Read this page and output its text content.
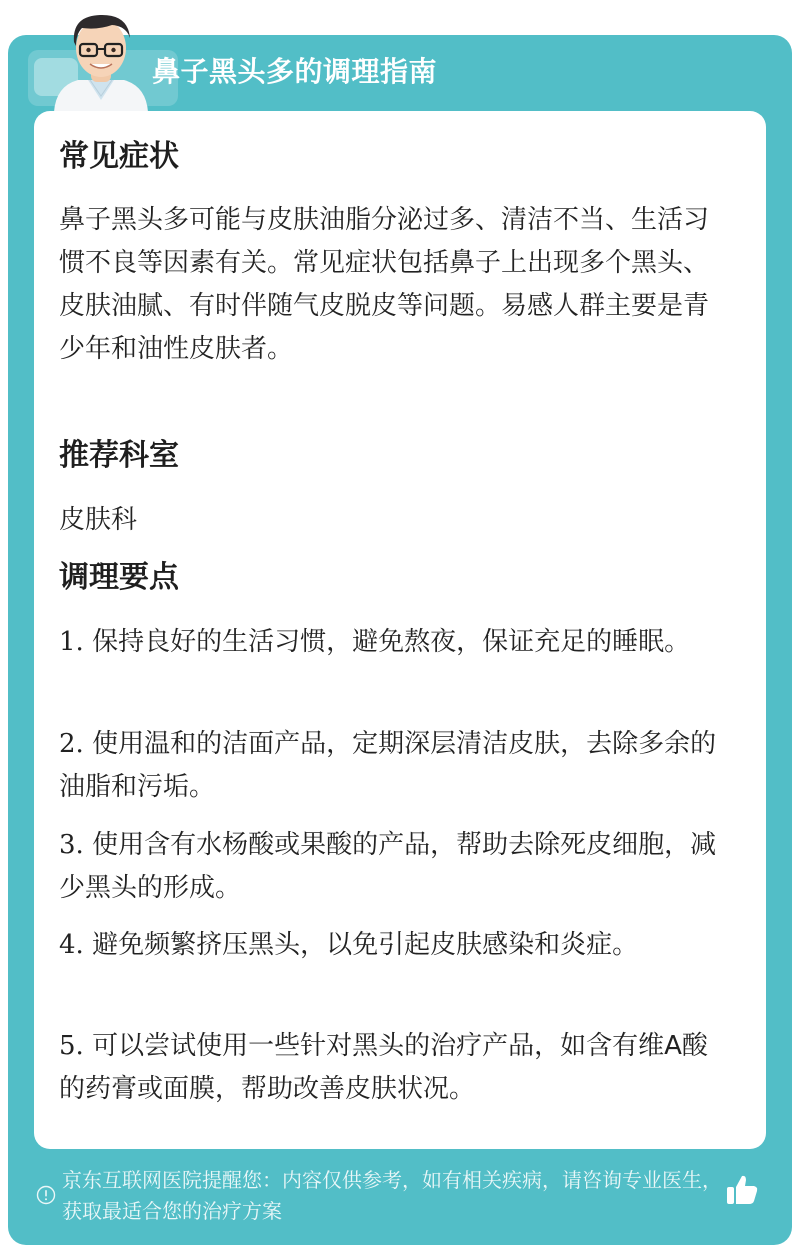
鼻子黑头多的调理指南
常见症状
鼻子黑头多可能与皮肤油脂分泌过多、清洁不当、生活习惯不良等因素有关。常见症状包括鼻子上出现多个黑头、皮肤油腻、有时伴随气皮脱皮等问题。易感人群主要是青少年和油性皮肤者。
推荐科室
皮肤科
调理要点
1. 保持良好的生活习惯，避免熬夜，保证充足的睡眠。
2. 使用温和的洁面产品，定期深层清洁皮肤，去除多余的油脂和污垢。
3. 使用含有水杨酸或果酸的产品，帮助去除死皮细胞，减少黑头的形成。
4. 避免频繁挤压黑头，以免引起皮肤感染和炎症。
5. 可以尝试使用一些针对黑头的治疗产品，如含有维A酸的药膏或面膜，帮助改善皮肤状况。
京东互联网医院提醒您：内容仅供参考，如有相关疾病，请咨询专业医生，获取最适合您的治疗方案
